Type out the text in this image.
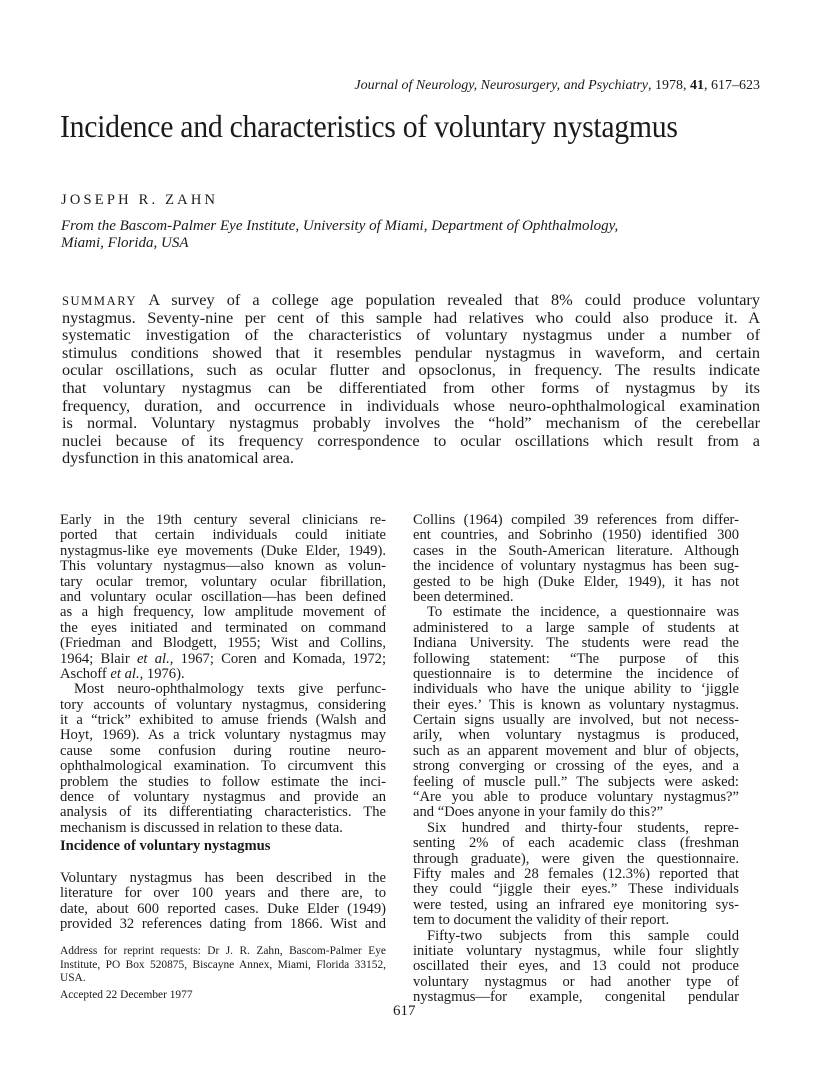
Journal of Neurology, Neurosurgery, and Psychiatry, 1978, 41, 617–623
Incidence and characteristics of voluntary nystagmus
JOSEPH R. ZAHN
From the Bascom-Palmer Eye Institute, University of Miami, Department of Ophthalmology,
Miami, Florida, USA
SUMMARY A survey of a college age population revealed that 8% could produce voluntary
nystagmus. Seventy-nine per cent of this sample had relatives who could also produce it. A
systematic investigation of the characteristics of voluntary nystagmus under a number of
stimulus conditions showed that it resembles pendular nystagmus in waveform, and certain
ocular oscillations, such as ocular flutter and opsoclonus, in frequency. The results indicate
that voluntary nystagmus can be differentiated from other forms of nystagmus by its
frequency, duration, and occurrence in individuals whose neuro-ophthalmological examination
is normal. Voluntary nystagmus probably involves the “hold” mechanism of the cerebellar
nuclei because of its frequency correspondence to ocular oscillations which result from a
dysfunction in this anatomical area.
Early in the 19th century several clinicians re-
ported that certain individuals could initiate
nystagmus-like eye movements (Duke Elder, 1949).
This voluntary nystagmus—also known as volun-
tary ocular tremor, voluntary ocular fibrillation,
and voluntary ocular oscillation—has been defined
as a high frequency, low amplitude movement of
the eyes initiated and terminated on command
(Friedman and Blodgett, 1955; Wist and Collins,
1964; Blair et al., 1967; Coren and Komada, 1972;
Aschoff et al., 1976).
Most neuro-ophthalmology texts give perfunc-
tory accounts of voluntary nystagmus, considering
it a “trick” exhibited to amuse friends (Walsh and
Hoyt, 1969). As a trick voluntary nystagmus may
cause some confusion during routine neuro-
ophthalmological examination. To circumvent this
problem the studies to follow estimate the inci-
dence of voluntary nystagmus and provide an
analysis of its differentiating characteristics. The
mechanism is discussed in relation to these data.
Incidence of voluntary nystagmus
Voluntary nystagmus has been described in the
literature for over 100 years and there are, to
date, about 600 reported cases. Duke Elder (1949)
provided 32 references dating from 1866. Wist and
Address for reprint requests: Dr J. R. Zahn, Bascom-Palmer Eye
Institute, PO Box 520875, Biscayne Annex, Miami, Florida 33152,
USA.
Accepted 22 December 1977
Collins (1964) compiled 39 references from differ-
ent countries, and Sobrinho (1950) identified 300
cases in the South-American literature. Although
the incidence of voluntary nystagmus has been sug-
gested to be high (Duke Elder, 1949), it has not
been determined.
To estimate the incidence, a questionnaire was
administered to a large sample of students at
Indiana University. The students were read the
following statement: “The purpose of this
questionnaire is to determine the incidence of
individuals who have the unique ability to ‘jiggle
their eyes.’ This is known as voluntary nystagmus.
Certain signs usually are involved, but not necess-
arily, when voluntary nystagmus is produced,
such as an apparent movement and blur of objects,
strong converging or crossing of the eyes, and a
feeling of muscle pull.” The subjects were asked:
“Are you able to produce voluntary nystagmus?”
and “Does anyone in your family do this?”
Six hundred and thirty-four students, repre-
senting 2% of each academic class (freshman
through graduate), were given the questionnaire.
Fifty males and 28 females (12.3%) reported that
they could “jiggle their eyes.” These individuals
were tested, using an infrared eye monitoring sys-
tem to document the validity of their report.
Fifty-two subjects from this sample could
initiate voluntary nystagmus, while four slightly
oscillated their eyes, and 13 could not produce
voluntary nystagmus or had another type of
nystagmus—for example, congenital pendular
617
